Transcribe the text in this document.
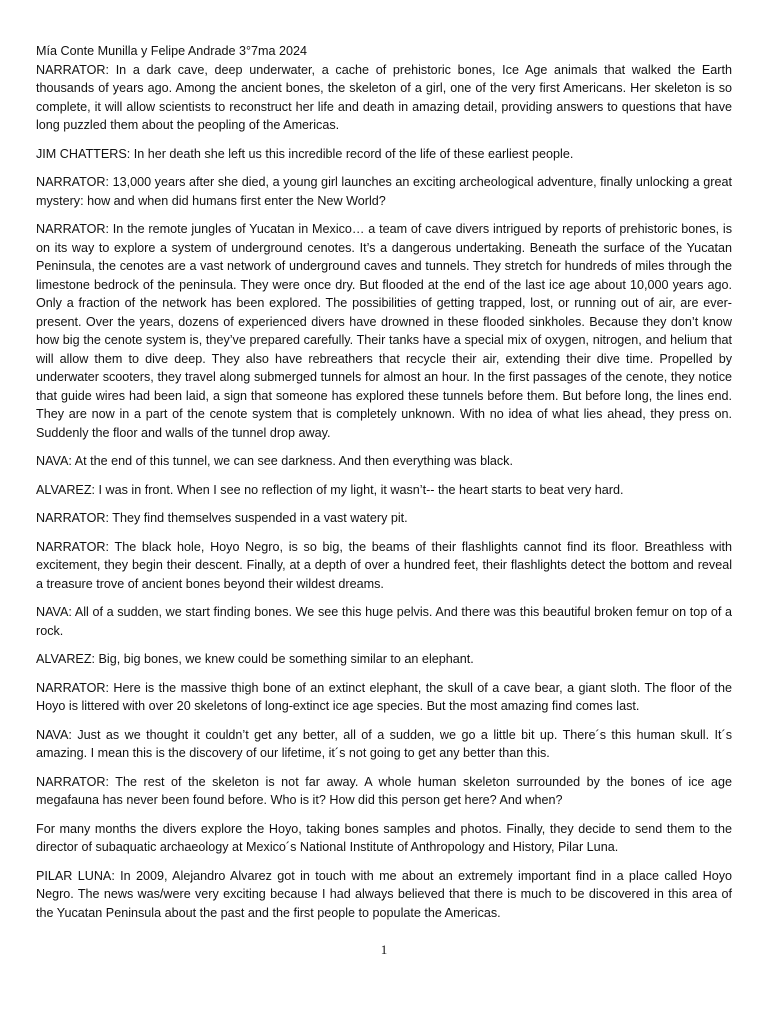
Mía Conte Munilla y Felipe Andrade 3°7ma 2024

NARRATOR: In a dark cave, deep underwater, a cache of prehistoric bones, Ice Age animals that walked the Earth thousands of years ago. Among the ancient bones, the skeleton of a girl, one of the very first Americans. Her skeleton is so complete, it will allow scientists to reconstruct her life and death in amazing detail, providing answers to questions that have long puzzled them about the peopling of the Americas.

JIM CHATTERS: In her death she left us this incredible record of the life of these earliest people.

NARRATOR: 13,000 years after she died, a young girl launches an exciting archeological adventure, finally unlocking a great mystery: how and when did humans first enter the New World?

NARRATOR: In the remote jungles of Yucatan in Mexico… a team of cave divers intrigued by reports of prehistoric bones, is on its way to explore a system of underground cenotes. It’s a dangerous undertaking. Beneath the surface of the Yucatan Peninsula, the cenotes are a vast network of underground caves and tunnels. They stretch for hundreds of miles through the limestone bedrock of the peninsula. They were once dry. But flooded at the end of the last ice age about 10,000 years ago. Only a fraction of the network has been explored. The possibilities of getting trapped, lost, or running out of air, are ever-present. Over the years, dozens of experienced divers have drowned in these flooded sinkholes. Because they don’t know how big the cenote system is, they’ve prepared carefully. Their tanks have a special mix of oxygen, nitrogen, and helium that will allow them to dive deep. They also have rebreathers that recycle their air, extending their dive time. Propelled by underwater scooters, they travel along submerged tunnels for almost an hour. In the first passages of the cenote, they notice that guide wires had been laid, a sign that someone has explored these tunnels before them. But before long, the lines end. They are now in a part of the cenote system that is completely unknown. With no idea of what lies ahead, they press on. Suddenly the floor and walls of the tunnel drop away.

NAVA: At the end of this tunnel, we can see darkness. And then everything was black.

ALVAREZ: I was in front. When I see no reflection of my light, it wasn’t-- the heart starts to beat very hard.

NARRATOR: They find themselves suspended in a vast watery pit.

NARRATOR: The black hole, Hoyo Negro, is so big, the beams of their flashlights cannot find its floor. Breathless with excitement, they begin their descent. Finally, at a depth of over a hundred feet, their flashlights detect the bottom and reveal a treasure trove of ancient bones beyond their wildest dreams.

NAVA: All of a sudden, we start finding bones. We see this huge pelvis. And there was this beautiful broken femur on top of a rock.

ALVAREZ: Big, big bones, we knew could be something similar to an elephant.

NARRATOR: Here is the massive thigh bone of an extinct elephant, the skull of a cave bear, a giant sloth. The floor of the Hoyo is littered with over 20 skeletons of long-extinct ice age species. But the most amazing find comes last.

NAVA: Just as we thought it couldn’t get any better, all of a sudden, we go a little bit up. There´s this human skull. It´s amazing. I mean this is the discovery of our lifetime, it´s not going to get any better than this.

NARRATOR: The rest of the skeleton is not far away. A whole human skeleton surrounded by the bones of ice age megafauna has never been found before. Who is it? How did this person get here? And when?

For many months the divers explore the Hoyo, taking bones samples and photos. Finally, they decide to send them to the director of subaquatic archaeology at Mexico´s National Institute of Anthropology and History, Pilar Luna.

PILAR LUNA: In 2009, Alejandro Alvarez got in touch with me about an extremely important find in a place called Hoyo Negro. The news was/were very exciting because I had always believed that there is much to be discovered in this area of the Yucatan Peninsula about the past and the first people to populate the Americas.

1
